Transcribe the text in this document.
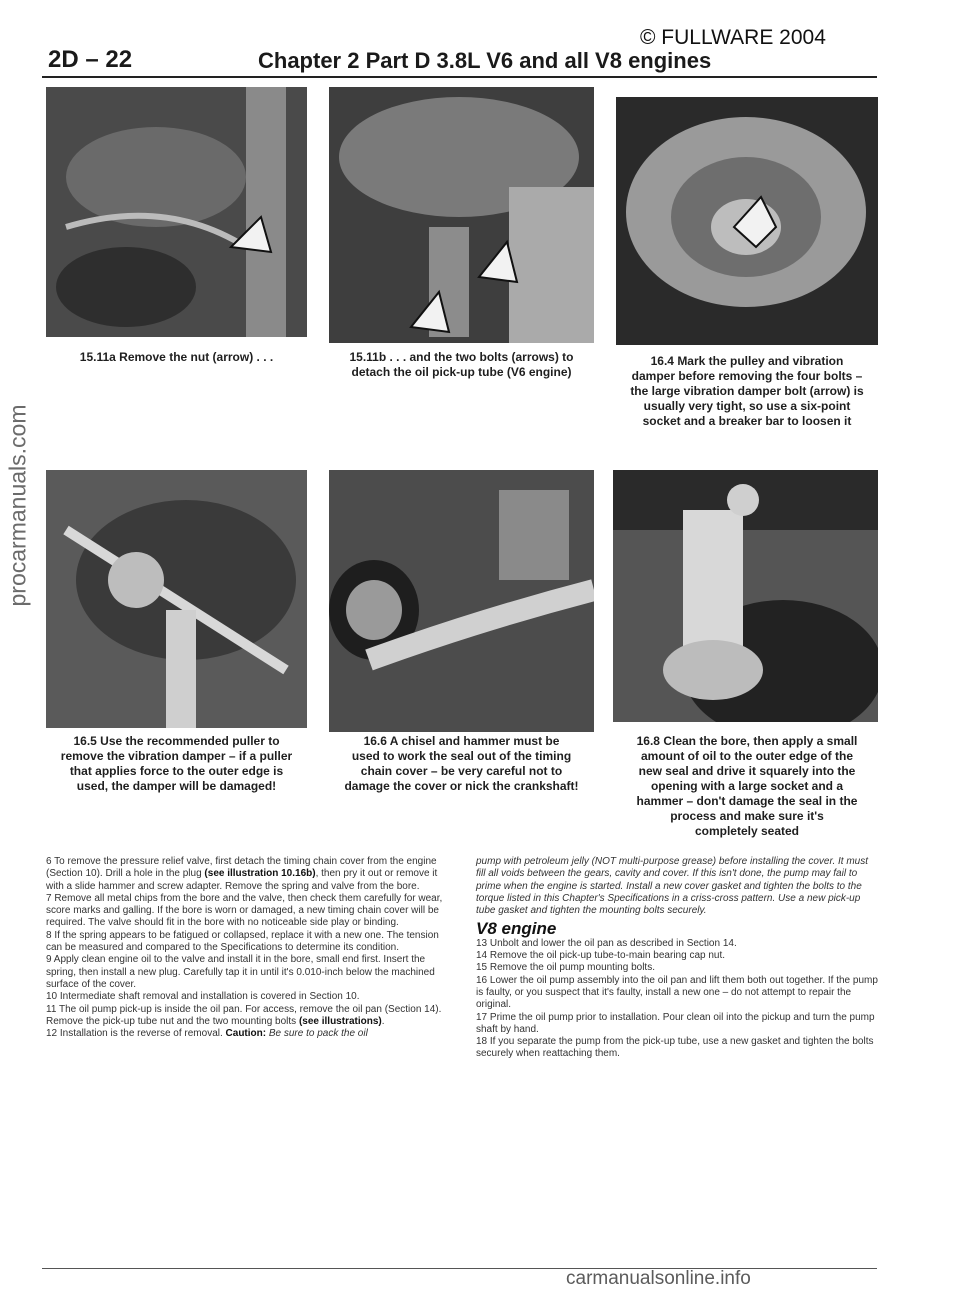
© FULLWARE 2004
2D – 22	Chapter 2 Part D 3.8L V6 and all V8 engines
procarmanuals.com
15.11a Remove the nut (arrow) . . .	15.11b . . . and the two bolts (arrows) to
detach the oil pick-up tube (V6 engine)
16.4 Mark the pulley and vibration
damper before removing the four bolts –
the large vibration damper bolt (arrow) is
usually very tight, so use a six-point
socket and a breaker bar to loosen it
16.5 Use the recommended puller to
remove the vibration damper – if a puller
that applies force to the outer edge is
used, the damper will be damaged!
16.6 A chisel and hammer must be
used to work the seal out of the timing
chain cover – be very careful not to
damage the cover or nick the crankshaft!
16.8 Clean the bore, then apply a small
amount of oil to the outer edge of the
new seal and drive it squarely into the
opening with a large socket and a
hammer – don't damage the seal in the
process and make sure it's
completely seated

6 To remove the pressure relief valve, first detach the timing chain cover from the engine (Section 10). Drill a hole in the plug (see illustration 10.16b), then pry it out or remove it with a slide hammer and screw adapter. Remove the spring and valve from the bore.

7 Remove all metal chips from the bore and the valve, then check them carefully for wear, score marks and galling. If the bore is worn or damaged, a new timing chain cover will be required. The valve should fit in the bore with no noticeable side play or binding.

8 If the spring appears to be fatigued or collapsed, replace it with a new one. The tension can be measured and compared to the Specifications to determine its condition.

9 Apply clean engine oil to the valve and install it in the bore, small end first. Insert the spring, then install a new plug. Carefully tap it in until it's 0.010-inch below the machined surface of the cover.

10 Intermediate shaft removal and installation is covered in Section 10.

11 The oil pump pick-up is inside the oil pan. For access, remove the oil pan (Section 14). Remove the pick-up tube nut and the two mounting bolts (see illustrations).

12 Installation is the reverse of removal. Caution: Be sure to pack the oil

pump with petroleum jelly (NOT multi-purpose grease) before installing the cover. It must fill all voids between the gears, cavity and cover. If this isn't done, the pump may fail to prime when the engine is started. Install a new cover gasket and tighten the bolts to the torque listed in this Chapter's Specifications in a criss-cross pattern. Use a new pick-up tube gasket and tighten the mounting bolts securely.

V8 engine

13 Unbolt and lower the oil pan as described in Section 14.

14 Remove the oil pick-up tube-to-main bearing cap nut.

15 Remove the oil pump mounting bolts.

16 Lower the oil pump assembly into the oil pan and lift them both out together. If the pump is faulty, or you suspect that it's faulty, install a new one – do not attempt to repair the original.

17 Prime the oil pump prior to installation. Pour clean oil into the pickup and turn the pump shaft by hand.

18 If you separate the pump from the pick-up tube, use a new gasket and tighten the bolts securely when reattaching them.

carmanualsonline.info
